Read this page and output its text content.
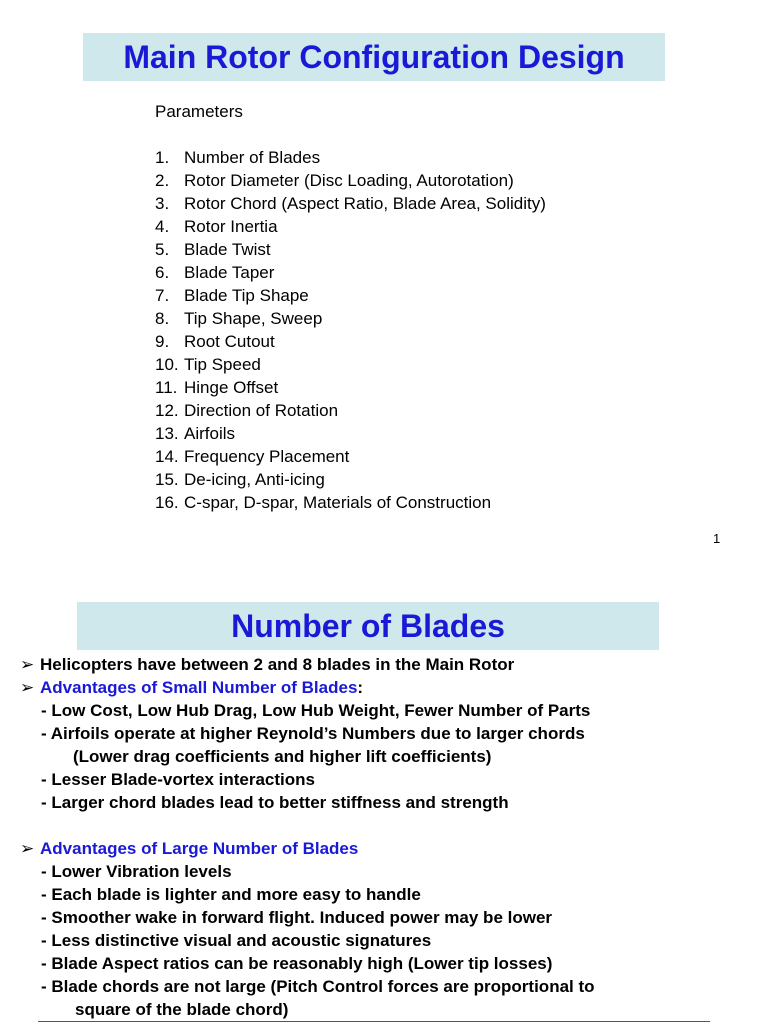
Main Rotor Configuration Design
Parameters
1. Number of Blades
2. Rotor Diameter (Disc Loading, Autorotation)
3. Rotor Chord (Aspect Ratio, Blade Area, Solidity)
4. Rotor Inertia
5. Blade Twist
6. Blade Taper
7. Blade Tip Shape
8. Tip Shape, Sweep
9. Root Cutout
10. Tip Speed
11. Hinge Offset
12. Direction of Rotation
13. Airfoils
14. Frequency Placement
15. De-icing, Anti-icing
16. C-spar, D-spar, Materials of Construction
1
Number of Blades
➢ Helicopters have between 2 and 8 blades in the Main Rotor
➢ Advantages of Small Number of Blades:
- Low Cost, Low Hub Drag, Low Hub Weight, Fewer Number of Parts
- Airfoils operate at higher Reynold’s Numbers due to larger chords
(Lower drag coefficients and higher lift coefficients)
- Lesser Blade-vortex interactions
- Larger chord blades lead to better stiffness and strength
➢ Advantages of Large Number of Blades
- Lower Vibration levels
- Each blade is lighter and more easy to handle
- Smoother wake in forward flight. Induced power may be lower
- Less distinctive visual and acoustic signatures
- Blade Aspect ratios can be reasonably high (Lower tip losses)
- Blade chords are not large (Pitch Control forces are proportional to
square of the blade chord)
